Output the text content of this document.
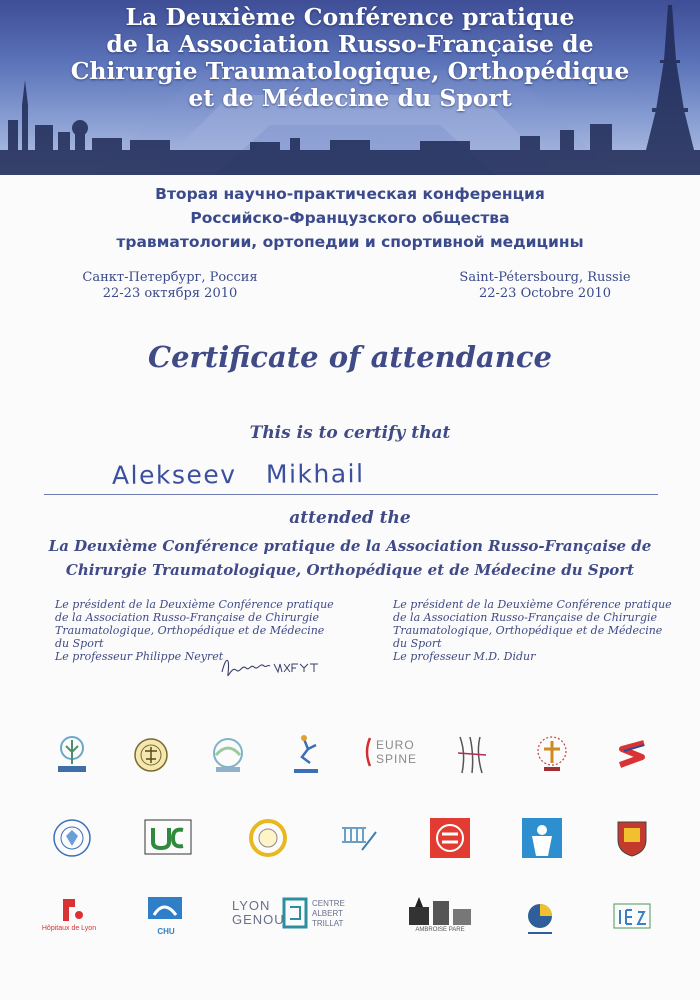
La Deuxième Conférence pratique
de la Association Russo-Française de
Chirurgie Traumatologique, Orthopédique
et de Médecine du Sport
Вторая научно-практическая конференция
Российско-Французского общества
травматологии, ортопедии и спортивной медицины
Санкт-Петербург, Россия
22-23 октября 2010
Saint-Pétersbourg, Russie
22-23 Octobre 2010
Certificate of attendance
This is to certify that
Alekseev Mikhail
attended the
La Deuxième Conférence pratique de la Association Russo-Française de
Chirurgie Traumatologique, Orthopédique et de Médecine du Sport
Le président de la Deuxième Conférence pratique
de la Association Russo-Française de Chirurgie
Traumatologique, Orthopédique et de Médecine
du Sport
Le professeur Philippe Neyret
Le président de la Deuxième Conférence pratique
de la Association Russo-Française de Chirurgie
Traumatologique, Orthopédique et de Médecine
du Sport
Le professeur M.D. Didur
EURO
SPINE
Hôpitaux de Lyon	CHU
LYON
GENOU
CENTRE
ALBERT
TRILLAT
AMBROISE PARE
